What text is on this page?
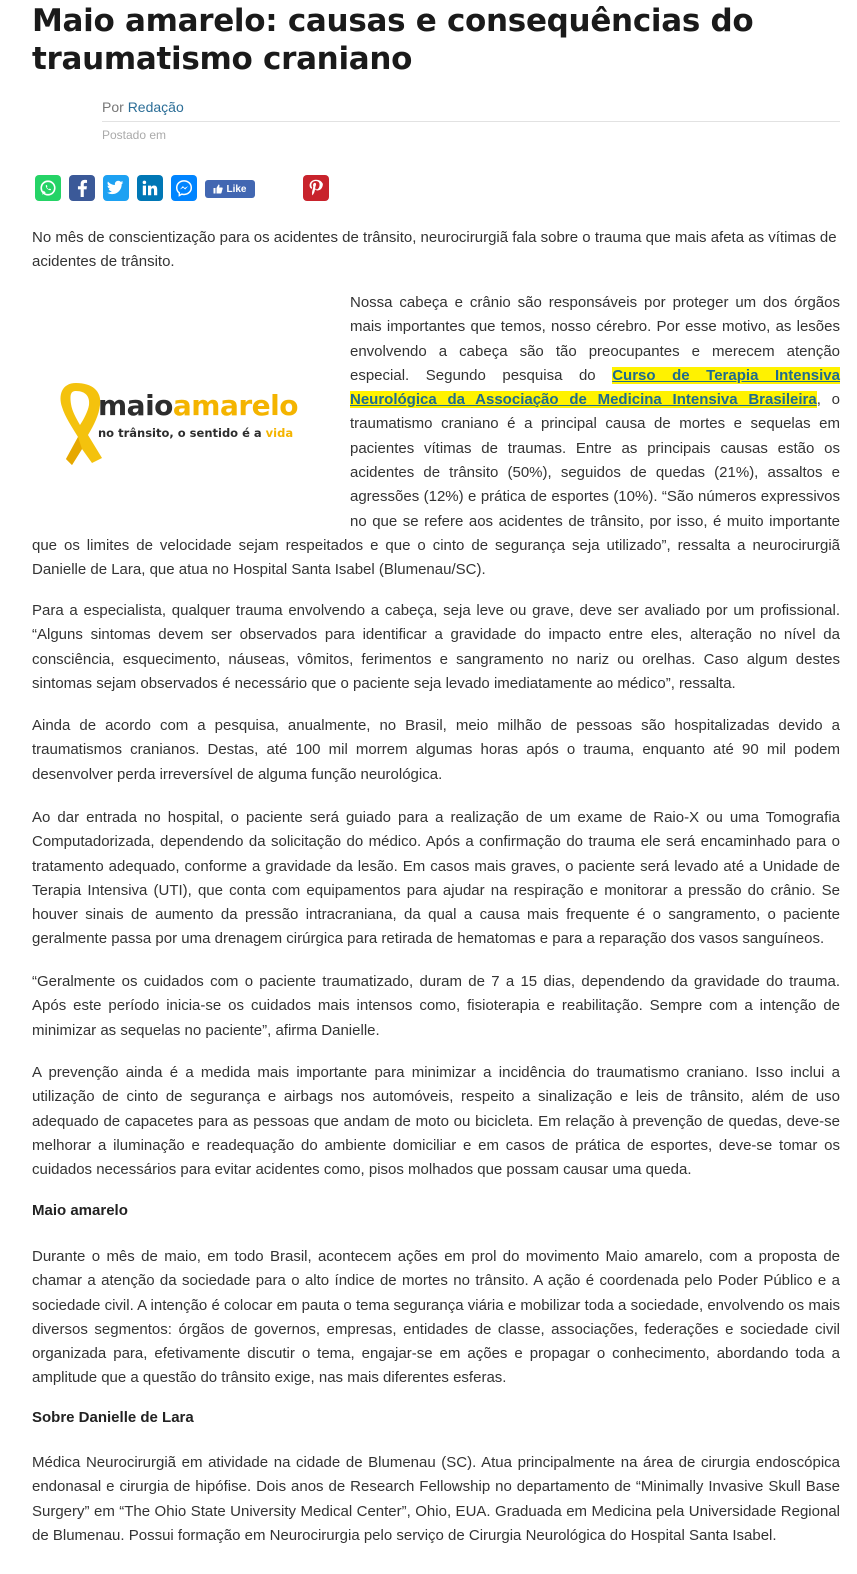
Maio amarelo: causas e consequências do traumatismo craniano
Por Redação
Postado em
Like

No mês de conscientização para os acidentes de trânsito, neurocirurgiã fala sobre o trauma que mais afeta as vítimas de acidentes de trânsito.

maioamarelo
no trânsito, o sentido é a vida

Nossa cabeça e crânio são responsáveis por proteger um dos órgãos mais importantes que temos, nosso cérebro. Por esse motivo, as lesões envolvendo a cabeça são tão preocupantes e merecem atenção especial. Segundo pesquisa do Curso de Terapia Intensiva Neurológica da Associação de Medicina Intensiva Brasileira, o traumatismo craniano é a principal causa de mortes e sequelas em pacientes vítimas de traumas. Entre as principais causas estão os acidentes de trânsito (50%), seguidos de quedas (21%), assaltos e agressões (12%) e prática de esportes (10%). “São números expressivos no que se refere aos acidentes de trânsito, por isso, é muito importante que os limites de velocidade sejam respeitados e que o cinto de segurança seja utilizado”, ressalta a neurocirurgiã Danielle de Lara, que atua no Hospital Santa Isabel (Blumenau/SC).

Para a especialista, qualquer trauma envolvendo a cabeça, seja leve ou grave, deve ser avaliado por um profissional. “Alguns sintomas devem ser observados para identificar a gravidade do impacto entre eles, alteração no nível da consciência, esquecimento, náuseas, vômitos, ferimentos e sangramento no nariz ou orelhas. Caso algum destes sintomas sejam observados é necessário que o paciente seja levado imediatamente ao médico”, ressalta.

Ainda de acordo com a pesquisa, anualmente, no Brasil, meio milhão de pessoas são hospitalizadas devido a traumatismos cranianos. Destas, até 100 mil morrem algumas horas após o trauma, enquanto até 90 mil podem desenvolver perda irreversível de alguma função neurológica.

Ao dar entrada no hospital, o paciente será guiado para a realização de um exame de Raio-X ou uma Tomografia Computadorizada, dependendo da solicitação do médico. Após a confirmação do trauma ele será encaminhado para o tratamento adequado, conforme a gravidade da lesão. Em casos mais graves, o paciente será levado até a Unidade de Terapia Intensiva (UTI), que conta com equipamentos para ajudar na respiração e monitorar a pressão do crânio. Se houver sinais de aumento da pressão intracraniana, da qual a causa mais frequente é o sangramento, o paciente geralmente passa por uma drenagem cirúrgica para retirada de hematomas e para a reparação dos vasos sanguíneos.

“Geralmente os cuidados com o paciente traumatizado, duram de 7 a 15 dias, dependendo da gravidade do trauma. Após este período inicia-se os cuidados mais intensos como, fisioterapia e reabilitação. Sempre com a intenção de minimizar as sequelas no paciente”, afirma Danielle.

A prevenção ainda é a medida mais importante para minimizar a incidência do traumatismo craniano. Isso inclui a utilização de cinto de segurança e airbags nos automóveis, respeito a sinalização e leis de trânsito, além de uso adequado de capacetes para as pessoas que andam de moto ou bicicleta. Em relação à prevenção de quedas, deve-se melhorar a iluminação e readequação do ambiente domiciliar e em casos de prática de esportes, deve-se tomar os cuidados necessários para evitar acidentes como, pisos molhados que possam causar uma queda.

Maio amarelo

Durante o mês de maio, em todo Brasil, acontecem ações em prol do movimento Maio amarelo, com a proposta de chamar a atenção da sociedade para o alto índice de mortes no trânsito. A ação é coordenada pelo Poder Público e a sociedade civil. A intenção é colocar em pauta o tema segurança viária e mobilizar toda a sociedade, envolvendo os mais diversos segmentos: órgãos de governos, empresas, entidades de classe, associações, federações e sociedade civil organizada para, efetivamente discutir o tema, engajar-se em ações e propagar o conhecimento, abordando toda a amplitude que a questão do trânsito exige, nas mais diferentes esferas.

Sobre Danielle de Lara

Médica Neurocirurgiã em atividade na cidade de Blumenau (SC). Atua principalmente na área de cirurgia endoscópica endonasal e cirurgia de hipófise. Dois anos de Research Fellowship no departamento de “Minimally Invasive Skull Base Surgery” em “The Ohio State University Medical Center”, Ohio, EUA. Graduada em Medicina pela Universidade Regional de Blumenau. Possui formação em Neurocirurgia pelo serviço de Cirurgia Neurológica do Hospital Santa Isabel.
